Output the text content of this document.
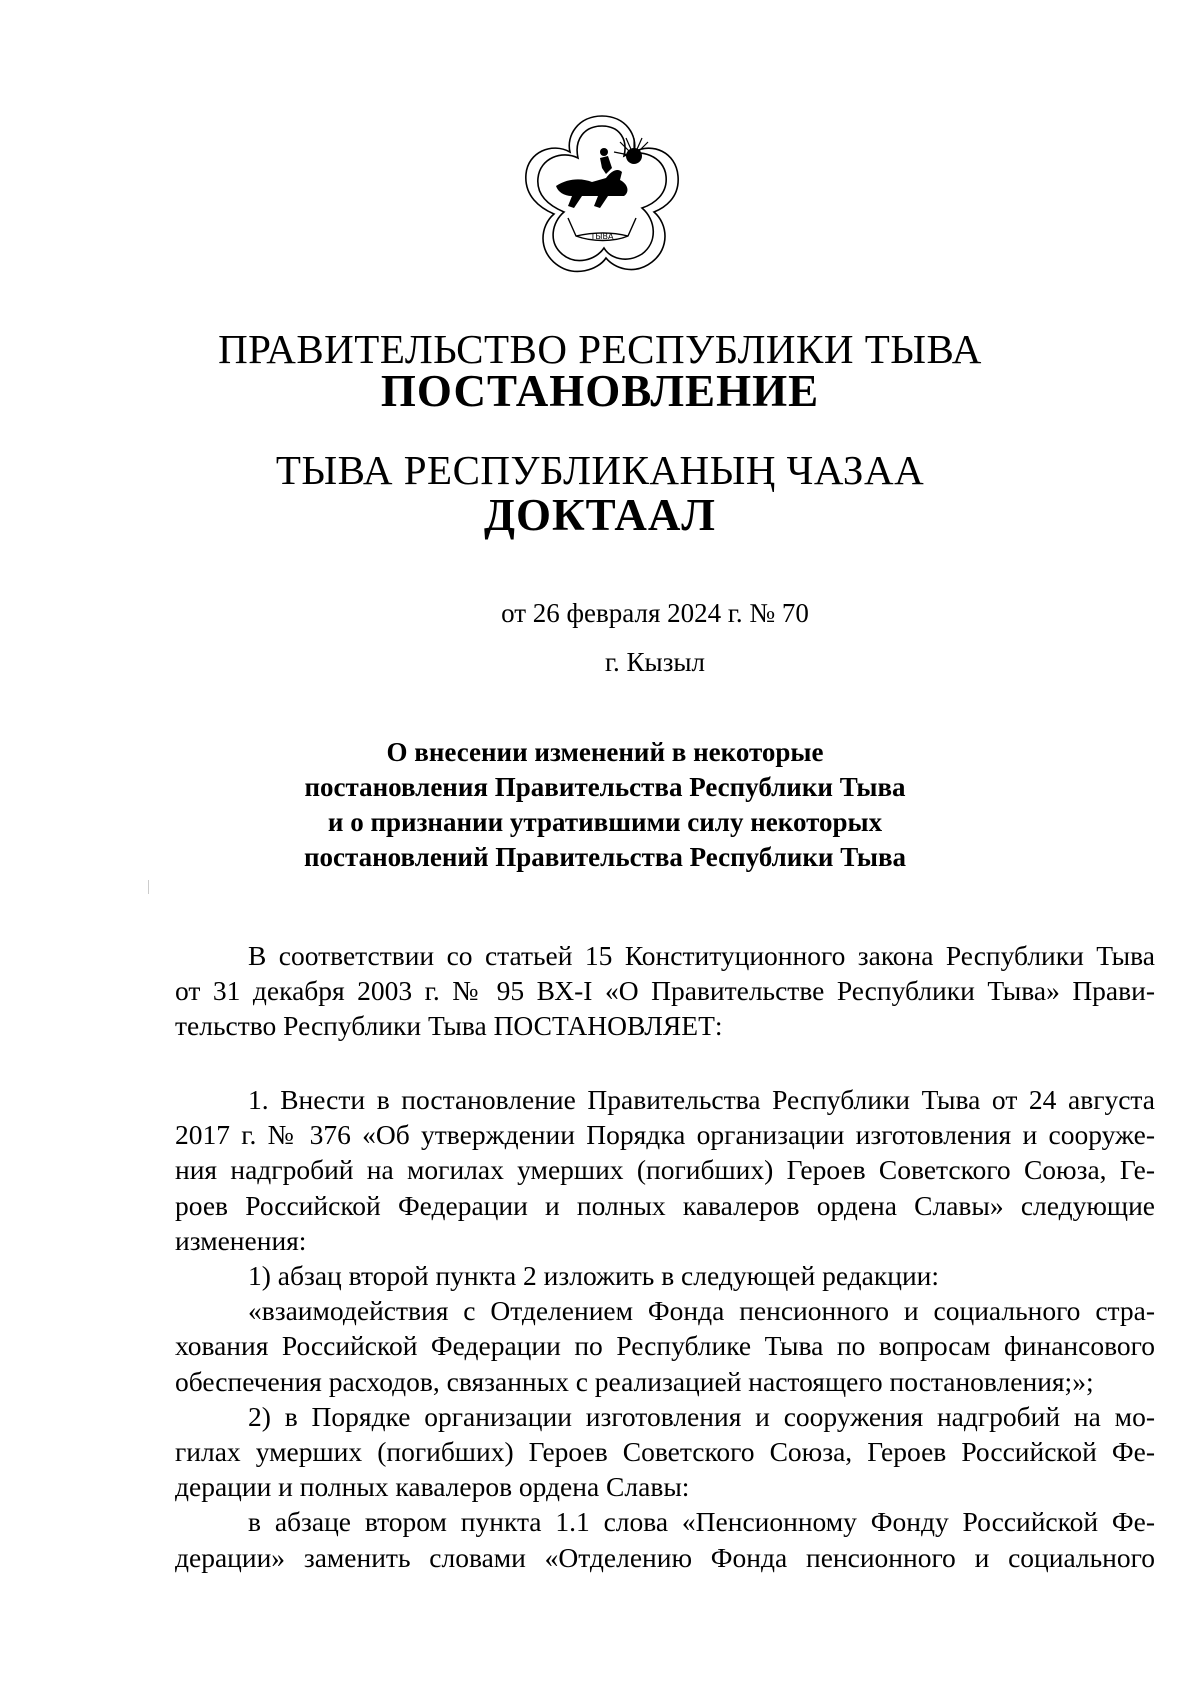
ТЫВА
ПРАВИТЕЛЬСТВО РЕСПУБЛИКИ ТЫВА
ПОСТАНОВЛЕНИЕ
ТЫВА РЕСПУБЛИКАНЫҢ ЧАЗАА
ДОКТААЛ
от 26 февраля 2024 г. № 70
г. Кызыл
О внесении изменений в некоторые
постановления Правительства Республики Тыва
и о признании утратившими силу некоторых
постановлений Правительства Республики Тыва
В соответствии со статьей 15 Конституционного закона Республики Тыва
от 31 декабря 2003 г. № 95 ВХ-I «О Правительстве Республики Тыва» Прави-
тельство Республики Тыва ПОСТАНОВЛЯЕТ:
1. Внести в постановление Правительства Республики Тыва от 24 августа
2017 г. № 376 «Об утверждении Порядка организации изготовления и сооруже-
ния надгробий на могилах умерших (погибших) Героев Советского Союза, Ге-
роев Российской Федерации и полных кавалеров ордена Славы» следующие
изменения:
1) абзац второй пункта 2 изложить в следующей редакции:
«взаимодействия с Отделением Фонда пенсионного и социального стра-
хования Российской Федерации по Республике Тыва по вопросам финансового
обеспечения расходов, связанных с реализацией настоящего постановления;»;
2) в Порядке организации изготовления и сооружения надгробий на мо-
гилах умерших (погибших) Героев Советского Союза, Героев Российской Фе-
дерации и полных кавалеров ордена Славы:
в абзаце втором пункта 1.1 слова «Пенсионному Фонду Российской Фе-
дерации» заменить словами «Отделению Фонда пенсионного и социального
